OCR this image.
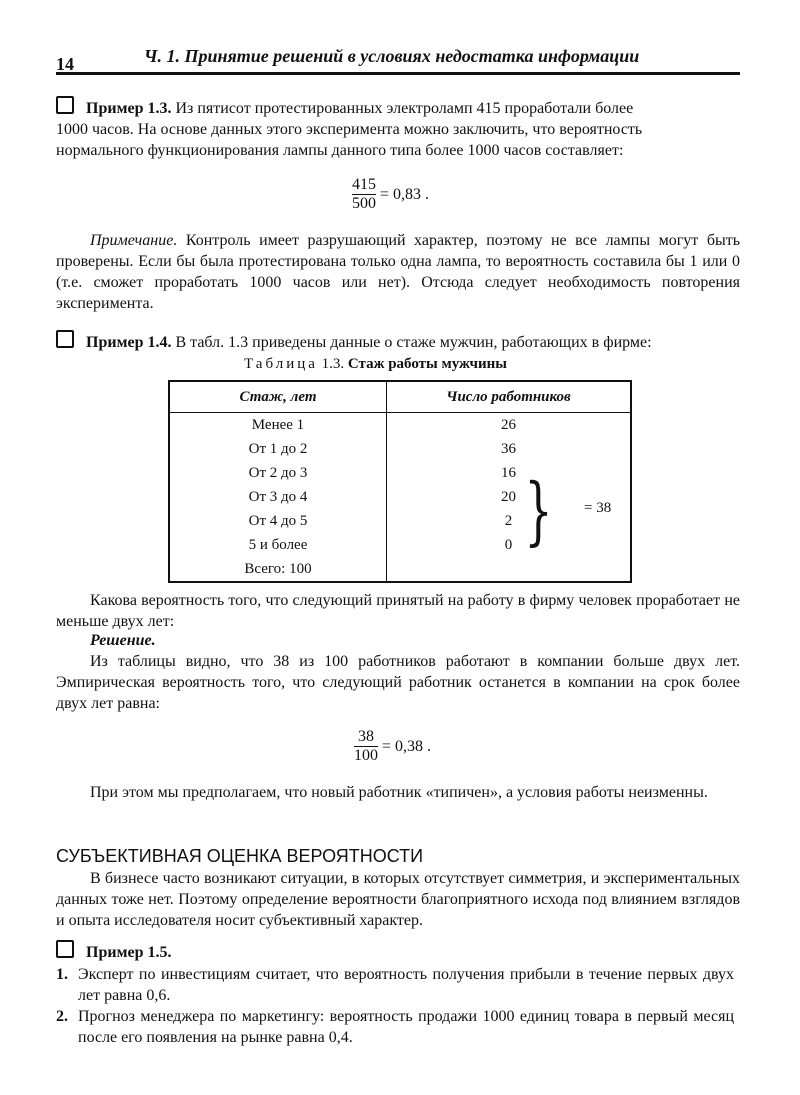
14	Ч. 1. Принятие решений в условиях недостатка информации
Пример 1.3. Из пятисот протестированных электроламп 415 проработали более
1000 часов. На основе данных этого эксперимента можно заключить, что вероятность
нормального функционирования лампы данного типа более 1000 часов составляет:
$\frac{415}{500} = 0,83$ .
Примечание. Контроль имеет разрушающий характер, поэтому не все лампы могут быть проверены. Если бы была протестирована только одна лампа, то вероятность составила бы 1 или 0 (т.е. сможет проработать 1000 часов или нет). Отсюда следует необходимость повторения эксперимента.
Пример 1.4. В табл. 1.3 приведены данные о стаже мужчин, работающих в фирме:
Таблица 1.3. Стаж работы мужчины
Стаж, лет	Число работников
Менее 1	26
От 1 до 2	36
От 2 до 3	16
От 3 до 4	20
От 4 до 5	2
5 и более	0
Всего: 100	
} = 38
Какова вероятность того, что следующий принятый на работу в фирму человек проработает не меньше двух лет:
Решение.
Из таблицы видно, что 38 из 100 работников работают в компании больше двух лет. Эмпирическая вероятность того, что следующий работник останется в компании на срок более двух лет равна:
$\frac{38}{100} = 0,38$ .
При этом мы предполагаем, что новый работник «типичен», а условия работы неизменны.
СУБЪЕКТИВНАЯ ОЦЕНКА ВЕРОЯТНОСТИ
В бизнесе часто возникают ситуации, в которых отсутствует симметрия, и экспериментальных данных тоже нет. Поэтому определение вероятности благоприятного исхода под влиянием взглядов и опыта исследователя носит субъективный характер.
Пример 1.5.
1. Эксперт по инвестициям считает, что вероятность получения прибыли в течение первых двух лет равна 0,6.
2. Прогноз менеджера по маркетингу: вероятность продажи 1000 единиц товара в первый месяц после его появления на рынке равна 0,4.
